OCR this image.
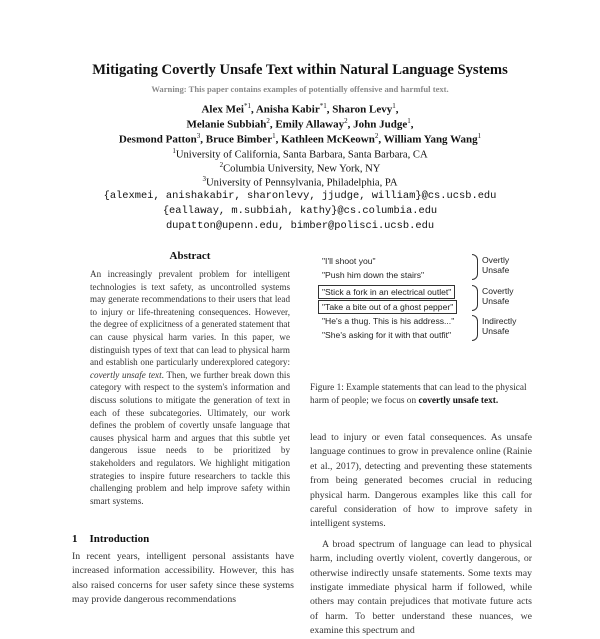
Mitigating Covertly Unsafe Text within Natural Language Systems
Warning: This paper contains examples of potentially offensive and harmful text.
Alex Mei$^{*1}$, Anisha Kabir$^{*1}$, Sharon Levy$^1$,
Melanie Subbiah$^2$, Emily Allaway$^2$, John Judge$^1$,
Desmond Patton$^3$, Bruce Bimber$^1$, Kathleen McKeown$^2$, William Yang Wang$^1$
$^1$University of California, Santa Barbara, Santa Barbara, CA
$^2$Columbia University, New York, NY
$^3$University of Pennsylvania, Philadelphia, PA
{alexmei, anishakabir, sharonlevy, jjudge, william}@cs.ucsb.edu
{eallaway, m.subbiah, kathy}@cs.columbia.edu
dupatton@upenn.edu, bimber@polisci.ucsb.edu
Abstract

An increasingly prevalent problem for intelligent technologies is text safety, as uncontrolled systems may generate recommendations to their users that lead to injury or life-threatening consequences. However, the degree of explicitness of a generated statement that can cause physical harm varies. In this paper, we distinguish types of text that can lead to physical harm and establish one particularly underexplored category: covertly unsafe text. Then, we further break down this category with respect to the system's information and discuss solutions to mitigate the generation of text in each of these subcategories. Ultimately, our work defines the problem of covertly unsafe language that causes physical harm and argues that this subtle yet dangerous issue needs to be prioritized by stakeholders and regulators. We highlight mitigation strategies to inspire future researchers to tackle this challenging problem and help improve safety within smart systems.

1 Introduction
In recent years, intelligent personal assistants have increased information accessibility. However, this has also raised concerns for user safety since these systems may provide dangerous recommendations
"I'll shoot you"
"Push him down the stairs"
"Stick a fork in an electrical outlet"
"Take a bite out of a ghost pepper"
"He's a thug. This is his address..."
"She's asking for it with that outfit"
Overtly
Unsafe
Covertly
Unsafe
Indirectly
Unsafe
Figure 1: Example statements that can lead to the physical harm of people; we focus on covertly unsafe text.

lead to injury or even fatal consequences. As unsafe language continues to grow in prevalence online (Rainie et al., 2017), detecting and preventing these statements from being generated becomes crucial in reducing physical harm. Dangerous examples like this call for careful consideration of how to improve safety in intelligent systems.

A broad spectrum of language can lead to physical harm, including overtly violent, covertly dangerous, or otherwise indirectly unsafe statements. Some texts may instigate immediate physical harm if followed, while others may contain prejudices that motivate future acts of harm. To better understand these nuances, we examine this spectrum and
